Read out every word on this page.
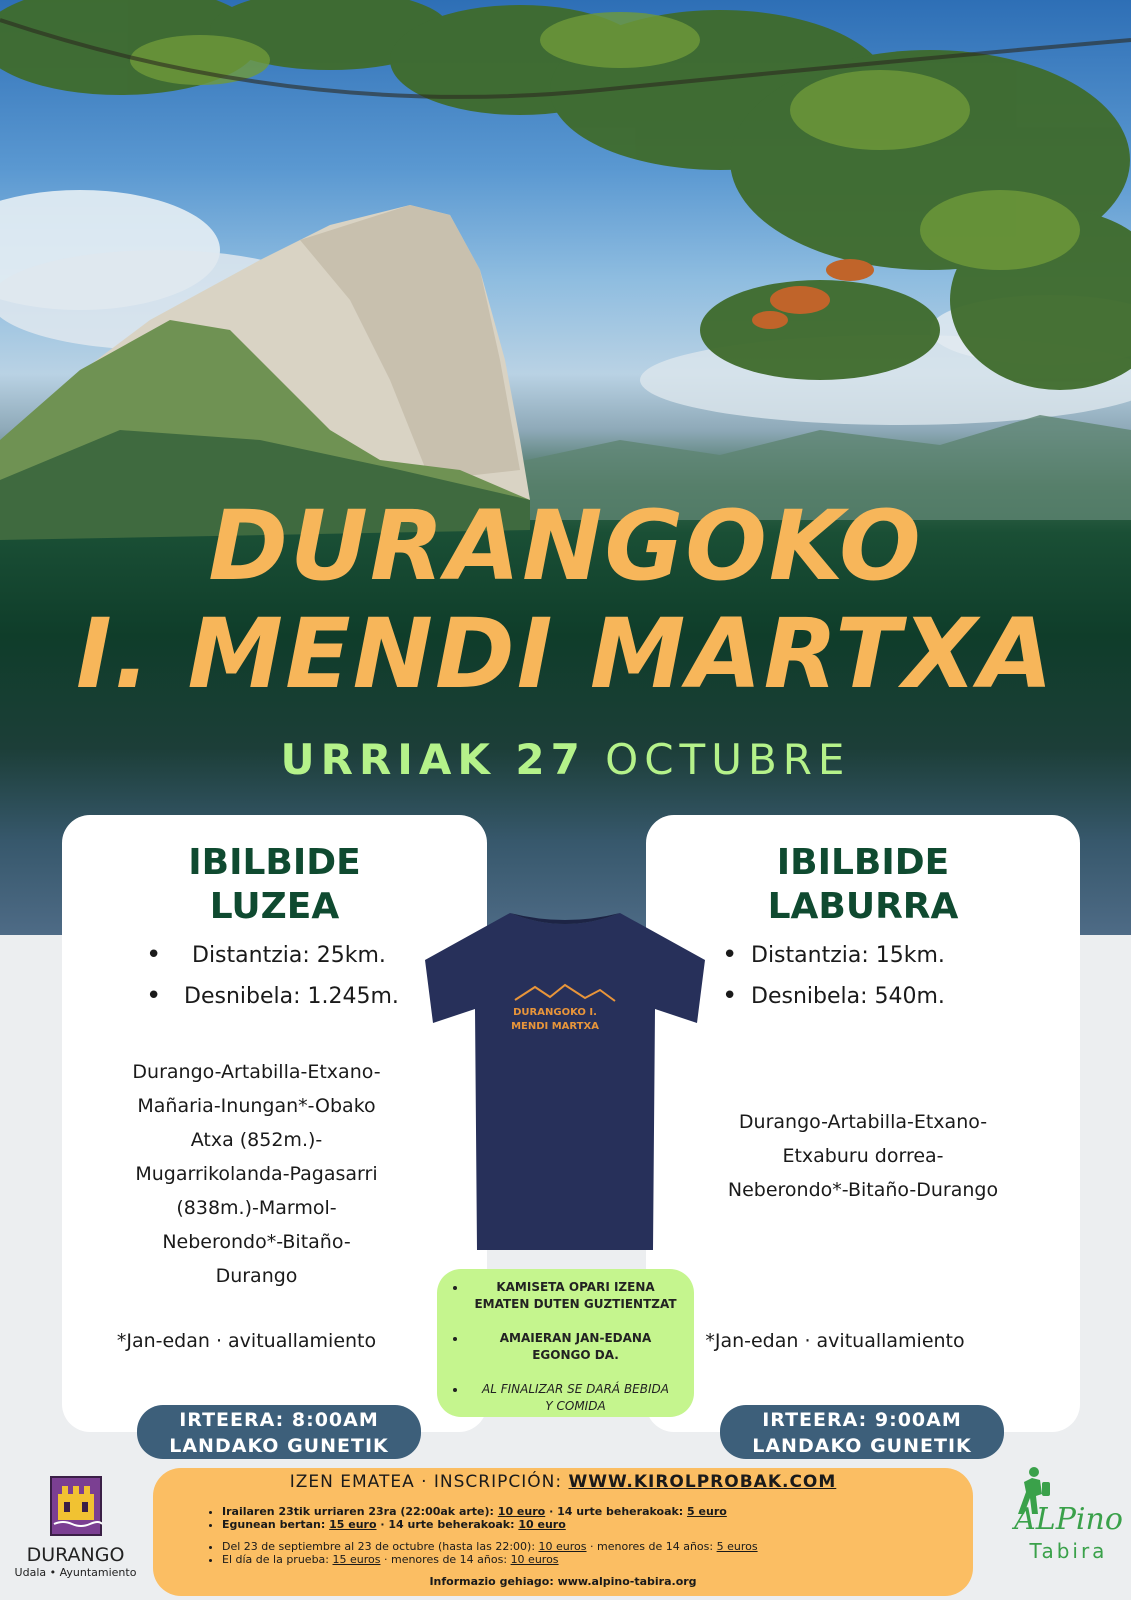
DURANGOKO
I. MENDI MARTXA
URRIAK 27 OCTUBRE
IBILBIDE
LUZEA
• Distantzia: 25km.
• Desnibela: 1.245m.
Durango-Artabilla-Etxano-
Mañaria-Inungan*-Obako
Atxa (852m.)-
Mugarrikolanda-Pagasarri
(838m.)-Marmol-
Neberondo*-Bitaño-
Durango
*Jan-edan · avituallamiento
IBILBIDE
LABURRA
• Distantzia: 15km.
• Desnibela: 540m.
Durango-Artabilla-Etxano-
Etxaburu dorrea-
Neberondo*-Bitaño-Durango
*Jan-edan · avituallamiento
IRTEERA: 8:00AM
LANDAKO GUNETIK
IRTEERA: 9:00AM
LANDAKO GUNETIK
DURANGOKO I.
MENDI MARTXA
• KAMISETA OPARI IZENA
EMATEN DUTEN GUZTIENTZAT
• AMAIERAN JAN-EDANA
EGONGO DA.
• AL FINALIZAR SE DARÁ BEBIDA
Y COMIDA
IZEN EMATEA · INSCRIPCIÓN: WWW.KIROLPROBAK.COM
• Irailaren 23tik urriaren 23ra (22:00ak arte): 10 euro · 14 urte beherakoak: 5 euro
• Egunean bertan: 15 euro · 14 urte beherakoak: 10 euro
• Del 23 de septiembre al 23 de octubre (hasta las 22:00): 10 euros · menores de 14 años: 5 euros
• El día de la prueba: 15 euros · menores de 14 años: 10 euros
Informazio gehiago: www.alpino-tabira.org
DURANGO
Udala • Ayuntamiento
ALPino
Tabira
